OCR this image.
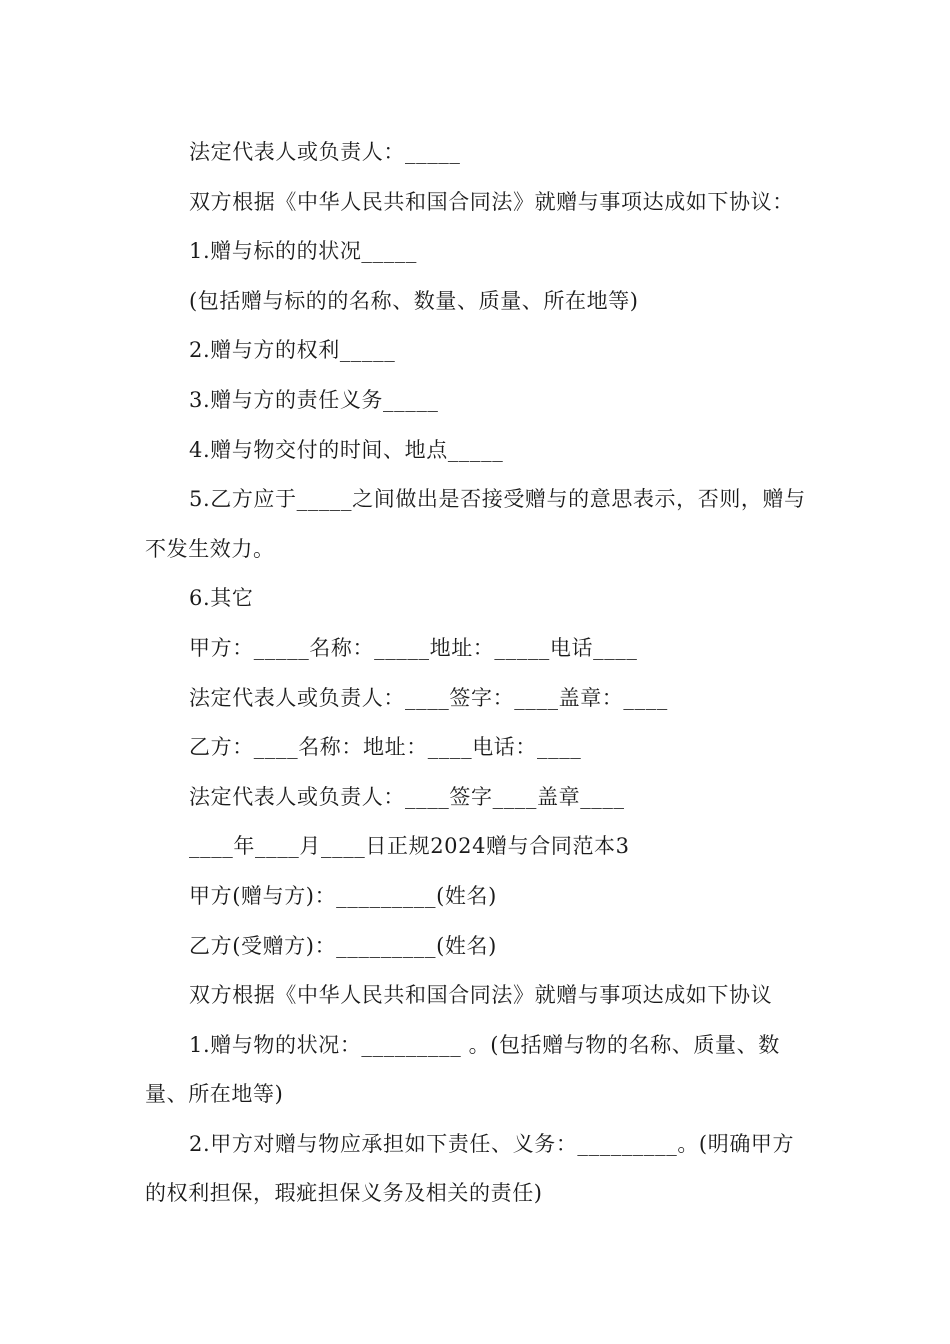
法定代表人或负责人：_____

双方根据《中华人民共和国合同法》就赠与事项达成如下协议：

1.赠与标的的状况_____

(包括赠与标的的名称、数量、质量、所在地等)

2.赠与方的权利_____

3.赠与方的责任义务_____

4.赠与物交付的时间、地点_____

5.乙方应于_____之间做出是否接受赠与的意思表示，否则，赠与不发生效力。

6.其它

甲方：_____名称：_____地址：_____电话____

法定代表人或负责人：____签字：____盖章：____

乙方：____名称：地址：____电话：____

法定代表人或负责人：____签字____盖章____

____年____月____日正规2024赠与合同范本3

甲方(赠与方)：_________(姓名)

乙方(受赠方)：_________(姓名)

双方根据《中华人民共和国合同法》就赠与事项达成如下协议

1.赠与物的状况：_________ 。(包括赠与物的名称、质量、数量、所在地等)

2.甲方对赠与物应承担如下责任、义务：_________。(明确甲方的权利担保，瑕疵担保义务及相关的责任)
